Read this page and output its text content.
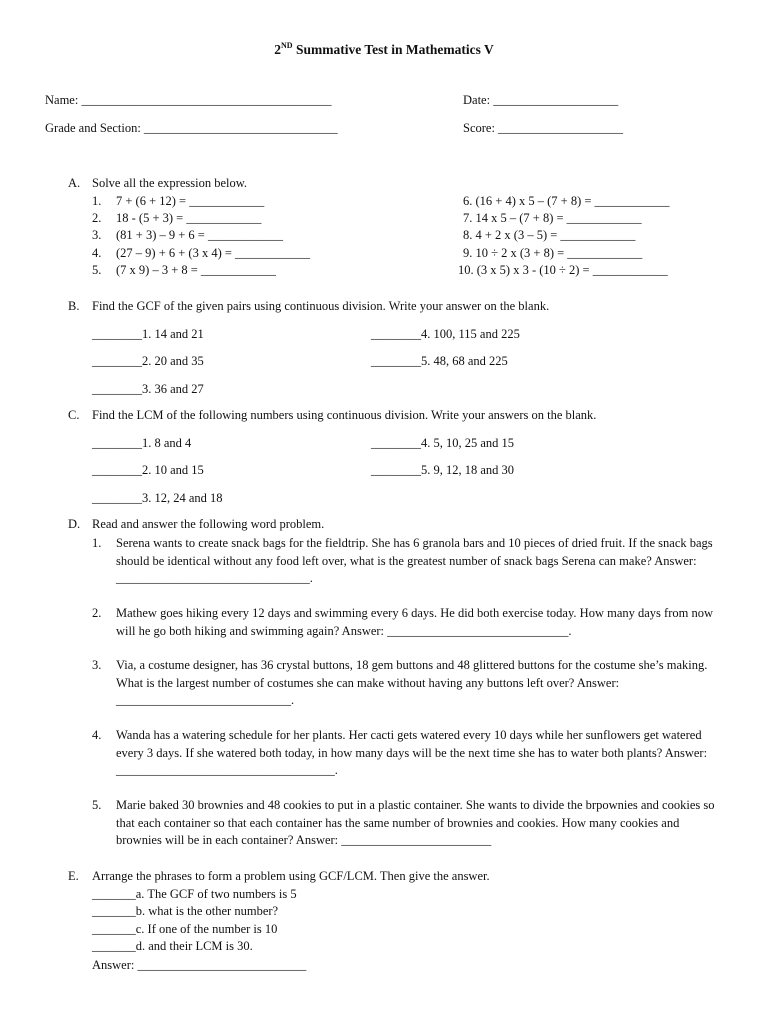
2ND Summative Test in Mathematics V
Name: ________________________________________	Date: ____________________
Grade and Section: _______________________________	Score: ____________________
A. Solve all the expression below.
1. 7 + (6 + 12) = ____________
2. 18 - (5 + 3) = ____________
3. (81 + 3) – 9 + 6 = ____________
4. (27 – 9) + 6 + (3 x 4) = ____________
5. (7 x 9) – 3 + 8 = ____________
6. (16 + 4) x 5 – (7 + 8) = ____________
7. 14 x 5 – (7 + 8) = ____________
8. 4 + 2 x (3 – 5) = ____________
9. 10 ÷ 2 x (3 + 8) = ____________
10. (3 x 5) x 3 - (10 ÷ 2) = ____________
B. Find the GCF of the given pairs using continuous division. Write your answer on the blank.
________1. 14 and 21
________2. 20 and 35
________3. 36 and 27
________4. 100, 115 and 225
________5. 48, 68 and 225
C. Find the LCM of the following numbers using continuous division. Write your answers on the blank.
________1. 8 and 4
________2. 10 and 15
________3. 12, 24 and 18
________4. 5, 10, 25 and 15
________5. 9, 12, 18 and 30
D. Read and answer the following word problem.
1. Serena wants to create snack bags for the fieldtrip. She has 6 granola bars and 10 pieces of dried fruit. If the snack bags should be identical without any food left over, what is the greatest number of snack bags Serena can make? Answer: _______________________________.
2. Mathew goes hiking every 12 days and swimming every 6 days. He did both exercise today. How many days from now will he go both hiking and swimming again? Answer: _____________________________.
3. Via, a costume designer, has 36 crystal buttons, 18 gem buttons and 48 glittered buttons for the costume she’s making. What is the largest number of costumes she can make without having any buttons left over? Answer: ____________________________.
4. Wanda has a watering schedule for her plants. Her cacti gets watered every 10 days while her sunflowers get watered every 3 days. If she watered both today, in how many days will be the next time she has to water both plants? Answer: ___________________________________.
5. Marie baked 30 brownies and 48 cookies to put in a plastic container. She wants to divide the brpownies and cookies so that each container so that each container has the same number of brownies and cookies. How many cookies and brownies will be in each container? Answer: ________________________
E. Arrange the phrases to form a problem using GCF/LCM. Then give the answer.
_______a. The GCF of two numbers is 5
_______b. what is the other number?
_______c. If one of the number is 10
_______d. and their LCM is 30.
Answer: ___________________________
